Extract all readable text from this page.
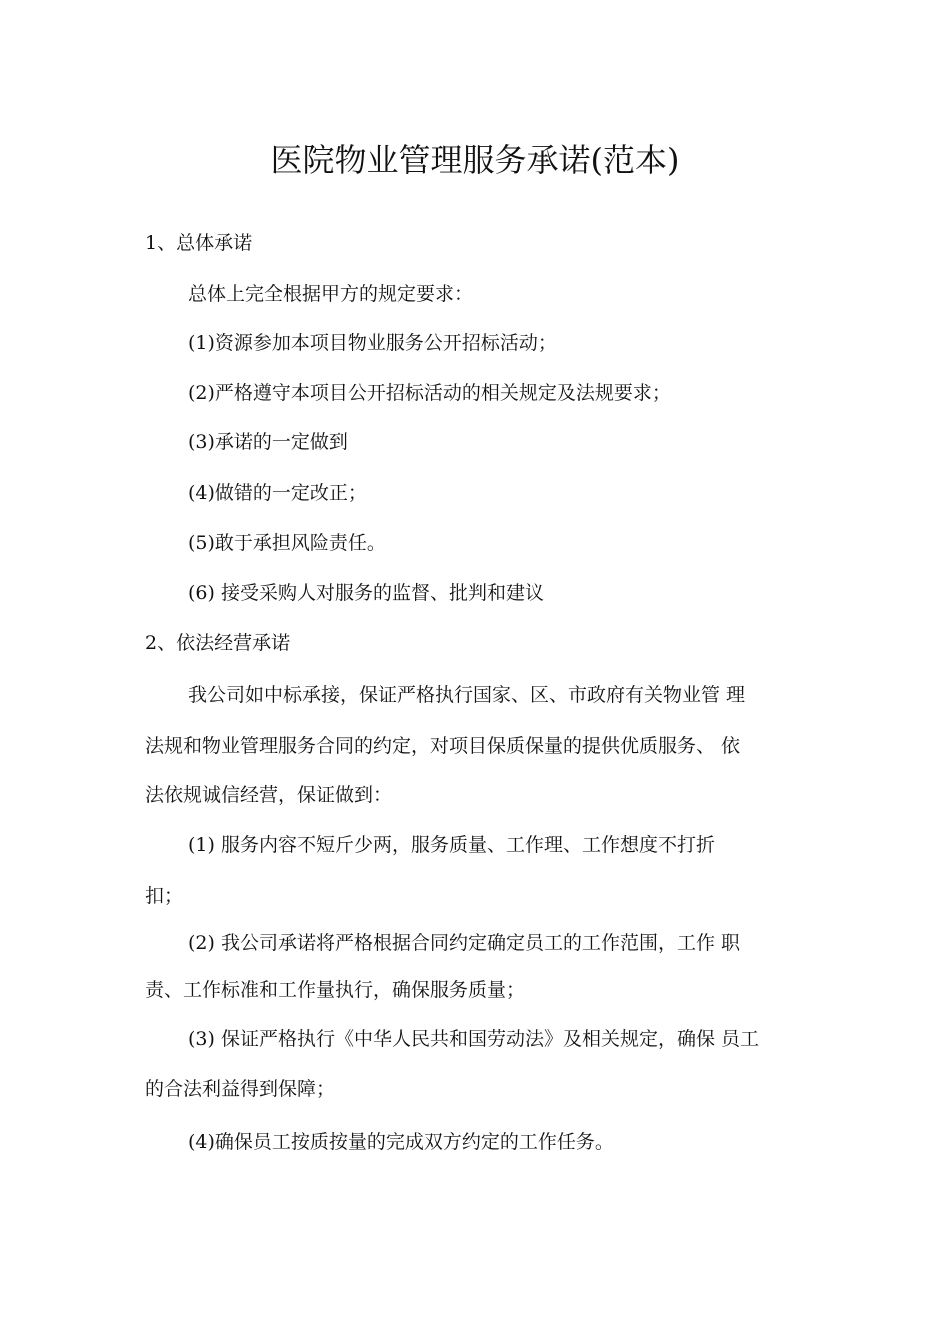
医院物业管理服务承诺(范本)
1、总体承诺
总体上完全根据甲方的规定要求：
(1)资源参加本项目物业服务公开招标活动；
(2)严格遵守本项目公开招标活动的相关规定及法规要求；
(3)承诺的一定做到
(4)做错的一定改正；
(5)敢于承担风险责任。
(6) 接受采购人对服务的监督、批判和建议
2、依法经营承诺
我公司如中标承接，保证严格执行国家、区、市政府有关物业管 理
法规和物业管理服务合同的约定，对项目保质保量的提供优质服务、 依
法依规诚信经营，保证做到：
(1) 服务内容不短斤少两，服务质量、工作理、工作想度不打折
扣；
(2) 我公司承诺将严格根据合同约定确定员工的工作范围，工作 职
责、工作标准和工作量执行，确保服务质量；
(3) 保证严格执行《中华人民共和国劳动法》及相关规定，确保 员工
的合法利益得到保障；
(4)确保员工按质按量的完成双方约定的工作任务。
